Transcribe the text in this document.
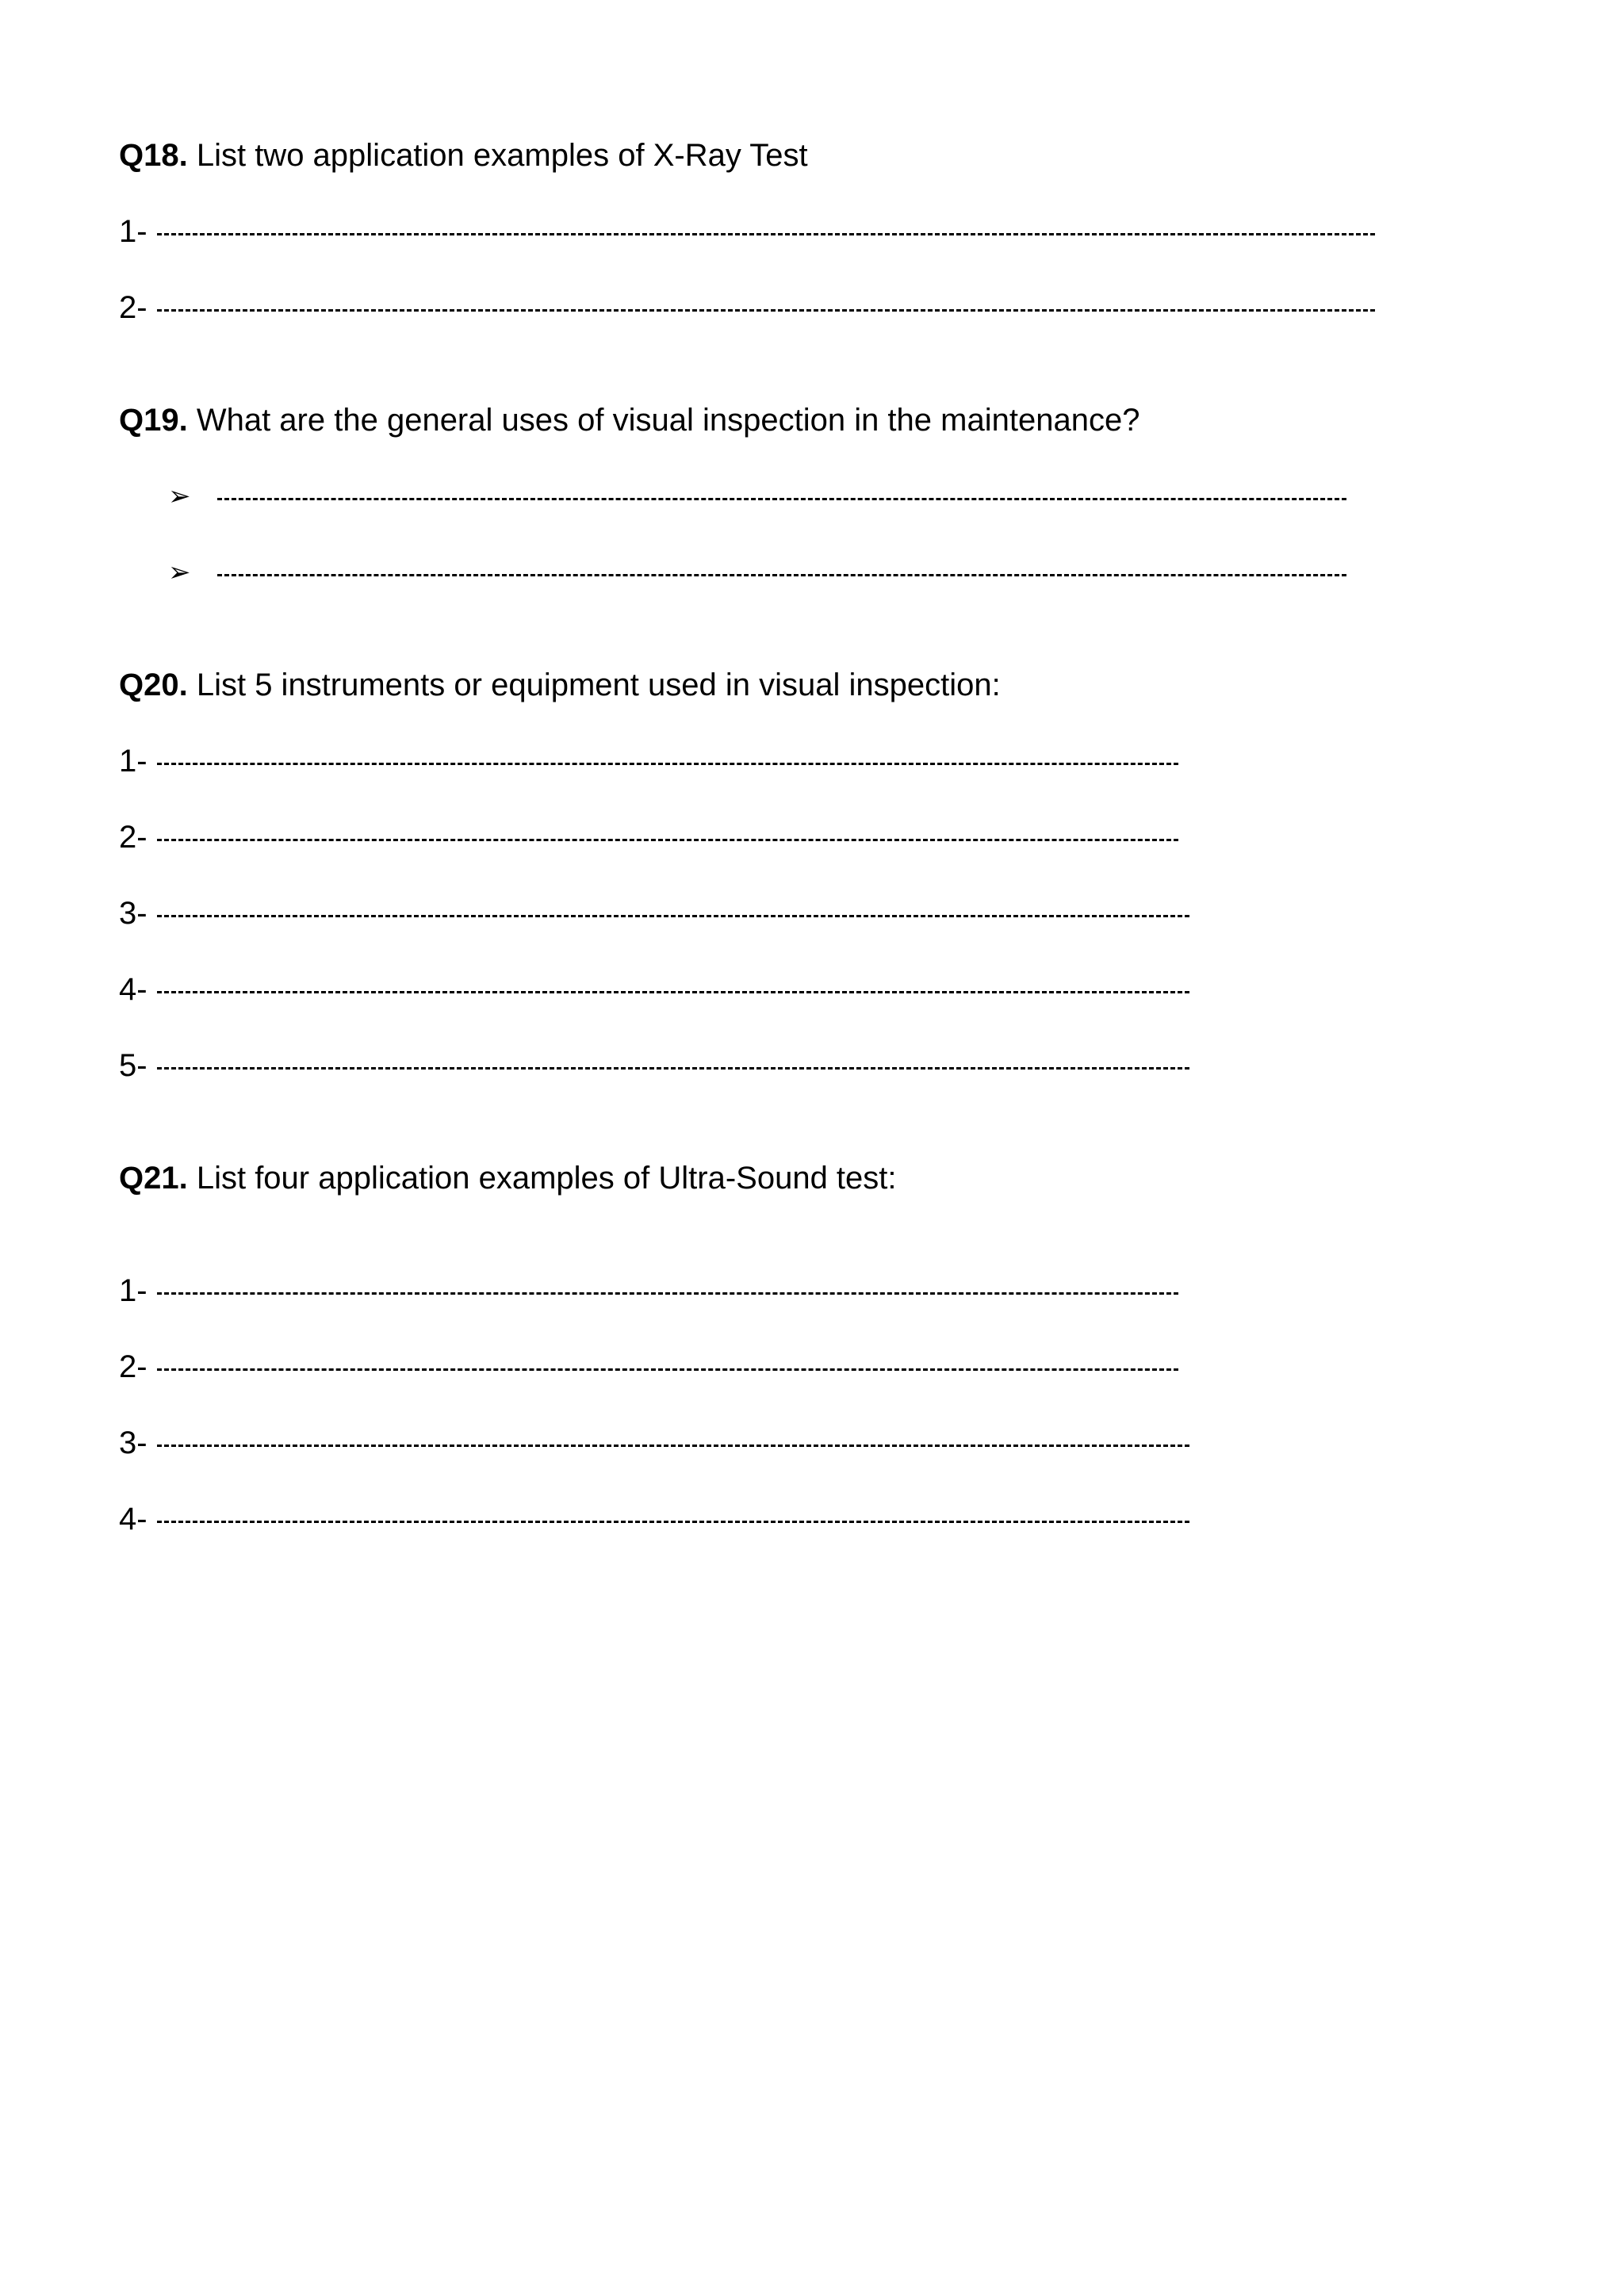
Q18. List two application examples of X-Ray Test
1-
2-
Q19. What are the general uses of visual inspection in the maintenance?
➢
➢
Q20. List 5 instruments or equipment used in visual inspection:
1-
2-
3-
4-
5-
Q21. List four application examples of Ultra-Sound test:
1-
2-
3-
4-
